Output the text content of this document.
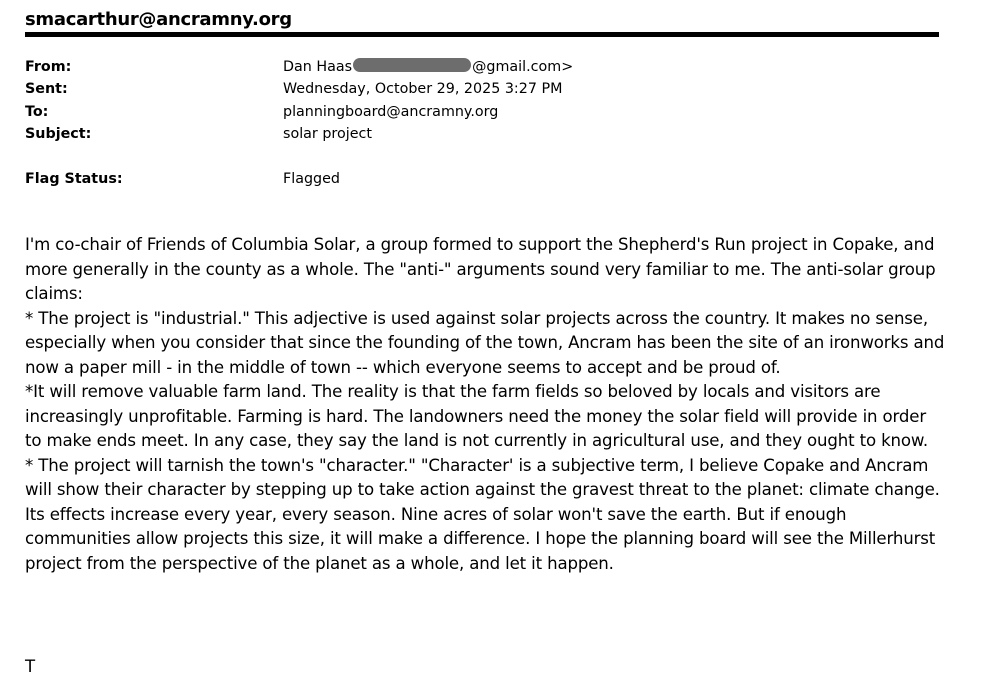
smacarthur@ancramny.org
From:	Dan Haas	@gmail.com>
Sent:	Wednesday, October 29, 2025 3:27 PM
To:	planningboard@ancramny.org
Subject:	solar project
Flag Status:	Flagged

I'm co-chair of Friends of Columbia Solar, a group formed to support the Shepherd's Run project in Copake, and more generally in the county as a whole. The "anti-" arguments sound very familiar to me. The anti-solar group claims:

* The project is "industrial." This adjective is used against solar projects across the country. It makes no sense, especially when you consider that since the founding of the town, Ancram has been the site of an ironworks and now a paper mill - in the middle of town -- which everyone seems to accept and be proud of.

*It will remove valuable farm land. The reality is that the farm fields so beloved by locals and visitors are increasingly unprofitable. Farming is hard. The landowners need the money the solar field will provide in order to make ends meet. In any case, they say the land is not currently in agricultural use, and they ought to know.

* The project will tarnish the town's "character." "Character' is a subjective term, I believe Copake and Ancram will show their character by stepping up to take action against the gravest threat to the planet: climate change. Its effects increase every year, every season. Nine acres of solar won't save the earth. But if enough communities allow projects this size, it will make a difference. I hope the planning board will see the Millerhurst project from the perspective of the planet as a whole, and let it happen.

T
